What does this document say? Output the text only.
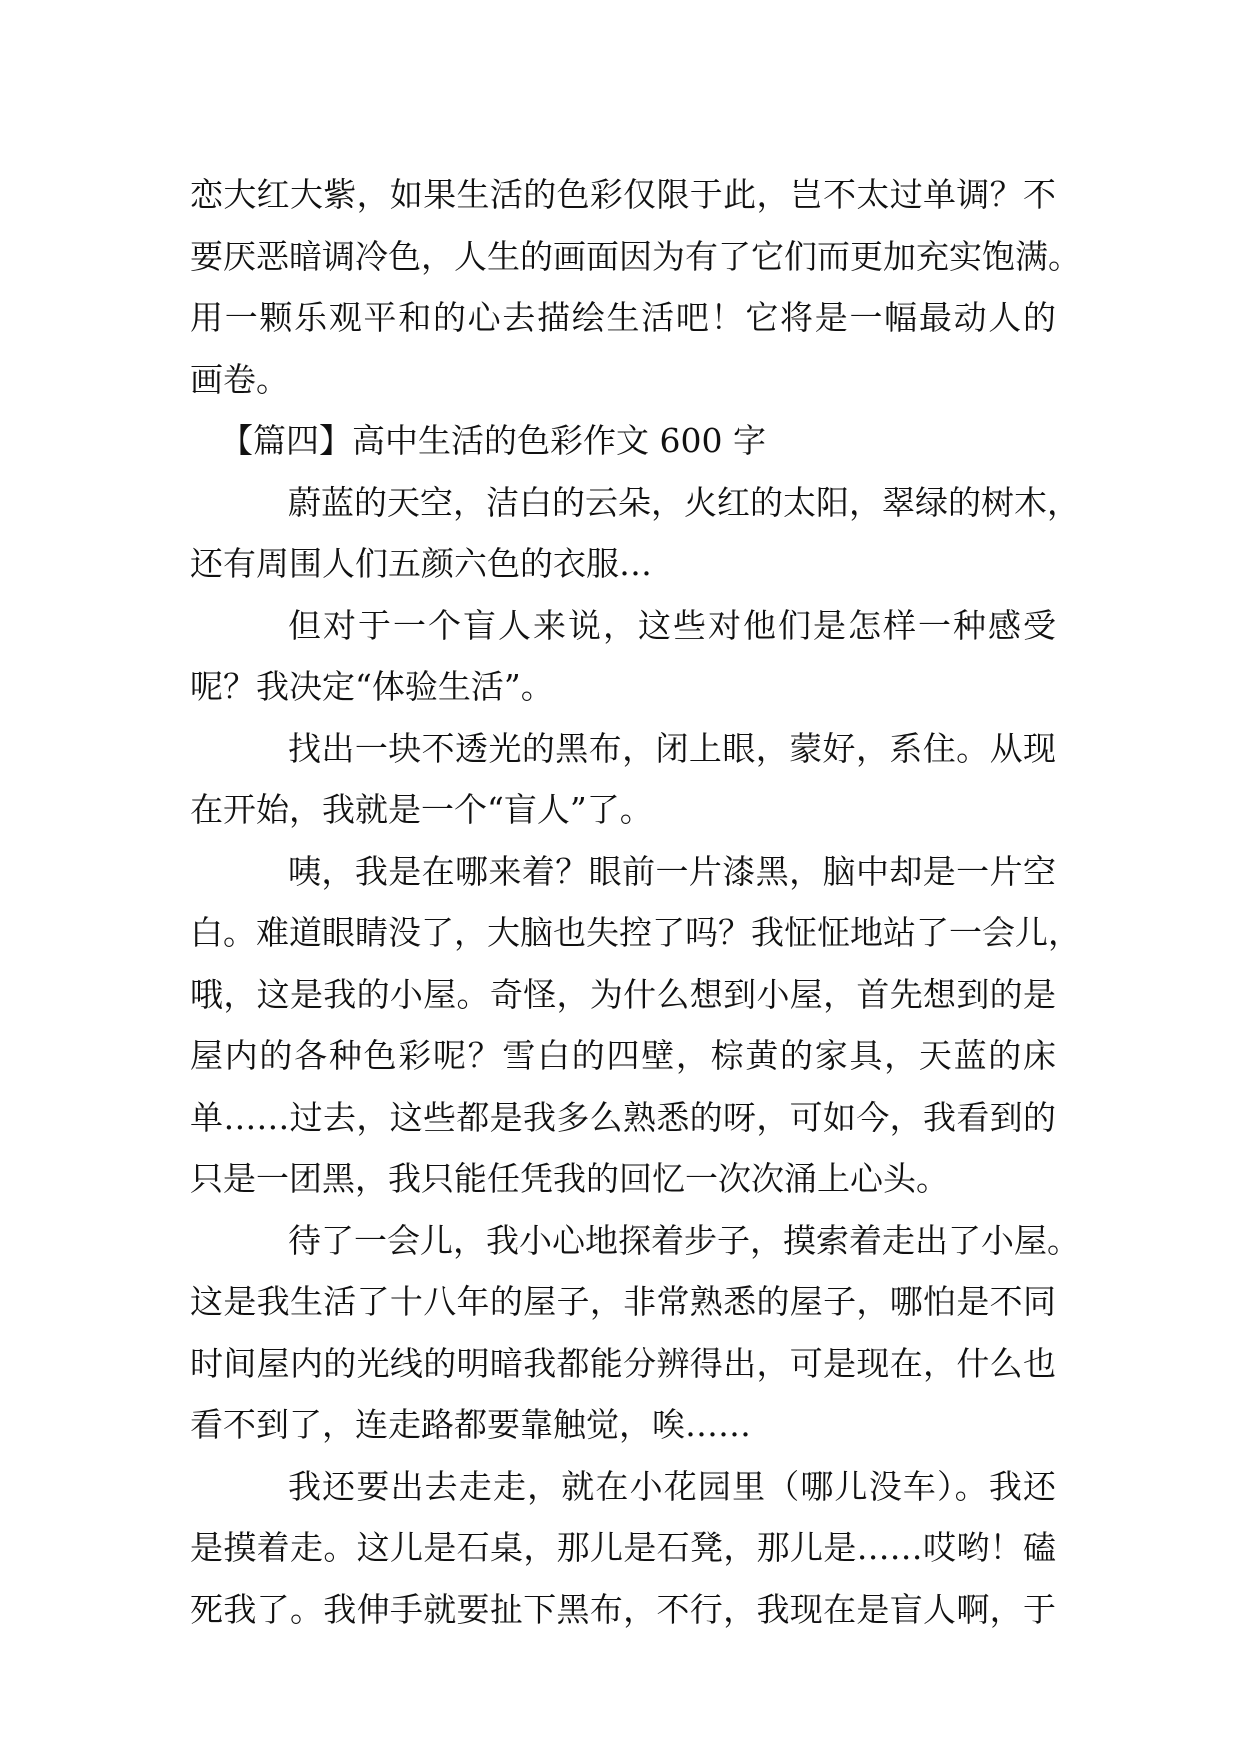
恋大红大紫，如果生活的色彩仅限于此，岂不太过单调？不
要厌恶暗调冷色，人生的画面因为有了它们而更加充实饱满。
用一颗乐观平和的心去描绘生活吧！它将是一幅最动人的
画卷。
【篇四】高中生活的色彩作文 600 字
蔚蓝的天空，洁白的云朵，火红的太阳，翠绿的树木，
还有周围人们五颜六色的衣服…
但对于一个盲人来说，这些对他们是怎样一种感受
呢？我决定“体验生活”。
找出一块不透光的黑布，闭上眼，蒙好，系住。从现
在开始，我就是一个“盲人”了。
咦，我是在哪来着？眼前一片漆黑，脑中却是一片空
白。难道眼睛没了，大脑也失控了吗？我怔怔地站了一会儿，
哦，这是我的小屋。奇怪，为什么想到小屋，首先想到的是
屋内的各种色彩呢？雪白的四壁，棕黄的家具，天蓝的床
单……过去，这些都是我多么熟悉的呀，可如今，我看到的
只是一团黑，我只能任凭我的回忆一次次涌上心头。
待了一会儿，我小心地探着步子，摸索着走出了小屋。
这是我生活了十八年的屋子，非常熟悉的屋子，哪怕是不同
时间屋内的光线的明暗我都能分辨得出，可是现在，什么也
看不到了，连走路都要靠触觉，唉……
我还要出去走走，就在小花园里（哪儿没车）。我还
是摸着走。这儿是石桌，那儿是石凳，那儿是……哎哟！磕
死我了。我伸手就要扯下黑布，不行，我现在是盲人啊，于
